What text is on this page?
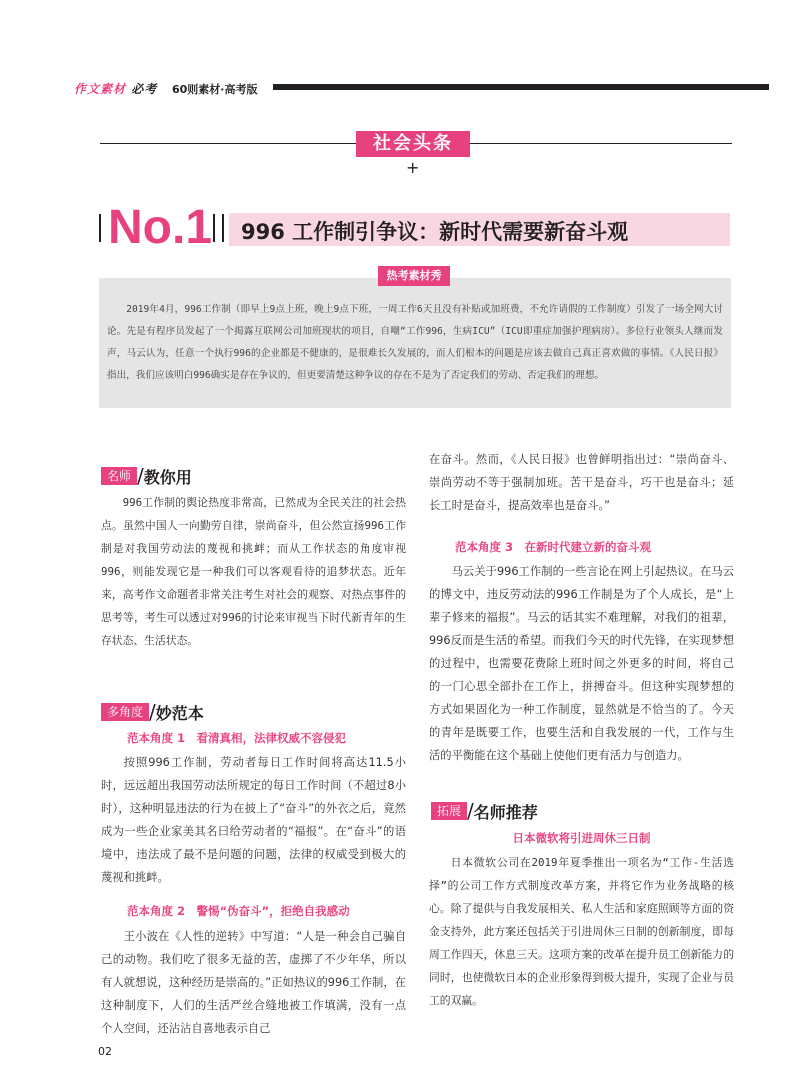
作文素材 必考 60则素材·高考版
社会头条
+
No.1 996 工作制引争议：新时代需要新奋斗观
热考素材秀
2019年4月，996工作制（即早上9点上班，晚上9点下班，一周工作6天且没有补贴或加班费，不允许请假的工作制度）引发了一场全网大讨论。先是有程序员发起了一个揭露互联网公司加班现状的项目，自嘲“工作996，生病ICU”（ICU即重症加强护理病房）。多位行业领头人继而发声，马云认为，任意一个执行996的企业都是不健康的，是很难长久发展的，而人们根本的问题是应该去做自己真正喜欢做的事情。《人民日报》指出，我们应该明白996确实是存在争议的，但更要清楚这种争议的存在不是为了否定我们的劳动、否定我们的理想。
名师 / 教你用
996工作制的舆论热度非常高，已然成为全民关注的社会热点。虽然中国人一向勤劳自律，崇尚奋斗，但公然宣扬996工作制是对我国劳动法的蔑视和挑衅；而从工作状态的角度审视996，则能发现它是一种我们可以客观看待的追梦状态。近年来，高考作文命题者非常关注考生对社会的观察、对热点事件的思考等，考生可以透过对996的讨论来审视当下时代新青年的生存状态、生活状态。
多角度 / 妙范本
范本角度 1　看清真相，法律权威不容侵犯
按照996工作制，劳动者每日工作时间将高达11.5小时，远远超出我国劳动法所规定的每日工作时间（不超过8小时），这种明显违法的行为在披上了“奋斗”的外衣之后，竟然成为一些企业家美其名曰给劳动者的“福报”。在“奋斗”的语境中，违法成了最不是问题的问题，法律的权威受到极大的蔑视和挑衅。
范本角度 2　警惕“伪奋斗”，拒绝自我感动
王小波在《人性的逆转》中写道：“人是一种会自己骗自己的动物。我们吃了很多无益的苦，虚掷了不少年华，所以有人就想说，这种经历是崇高的。”正如热议的996工作制，在这种制度下，人们的生活严丝合缝地被工作填满，没有一点个人空间，还沾沾自喜地表示自己
在奋斗。然而，《人民日报》也曾鲜明指出过：“崇尚奋斗、崇尚劳动不等于强制加班。苦干是奋斗，巧干也是奋斗；延长工时是奋斗，提高效率也是奋斗。”
范本角度 3　在新时代建立新的奋斗观
马云关于996工作制的一些言论在网上引起热议。在马云的博文中，违反劳动法的996工作制是为了个人成长，是“上辈子修来的福报”。马云的话其实不难理解，对我们的祖辈，996反而是生活的希望。而我们今天的时代先锋，在实现梦想的过程中，也需要花费除上班时间之外更多的时间，将自己的一门心思全部扑在工作上，拼搏奋斗。但这种实现梦想的方式如果固化为一种工作制度，显然就是不恰当的了。今天的青年是既要工作，也要生活和自我发展的一代，工作与生活的平衡能在这个基础上使他们更有活力与创造力。
拓展 / 名师推荐
日本微软将引进周休三日制
日本微软公司在2019年夏季推出一项名为“工作-生活选择”的公司工作方式制度改革方案，并将它作为业务战略的核心。除了提供与自我发展相关、私人生活和家庭照顾等方面的资金支持外，此方案还包括关于引进周休三日制的创新制度，即每周工作四天，休息三天。这项方案的改革在提升员工创新能力的同时，也使微软日本的企业形象得到极大提升，实现了企业与员工的双赢。
02
